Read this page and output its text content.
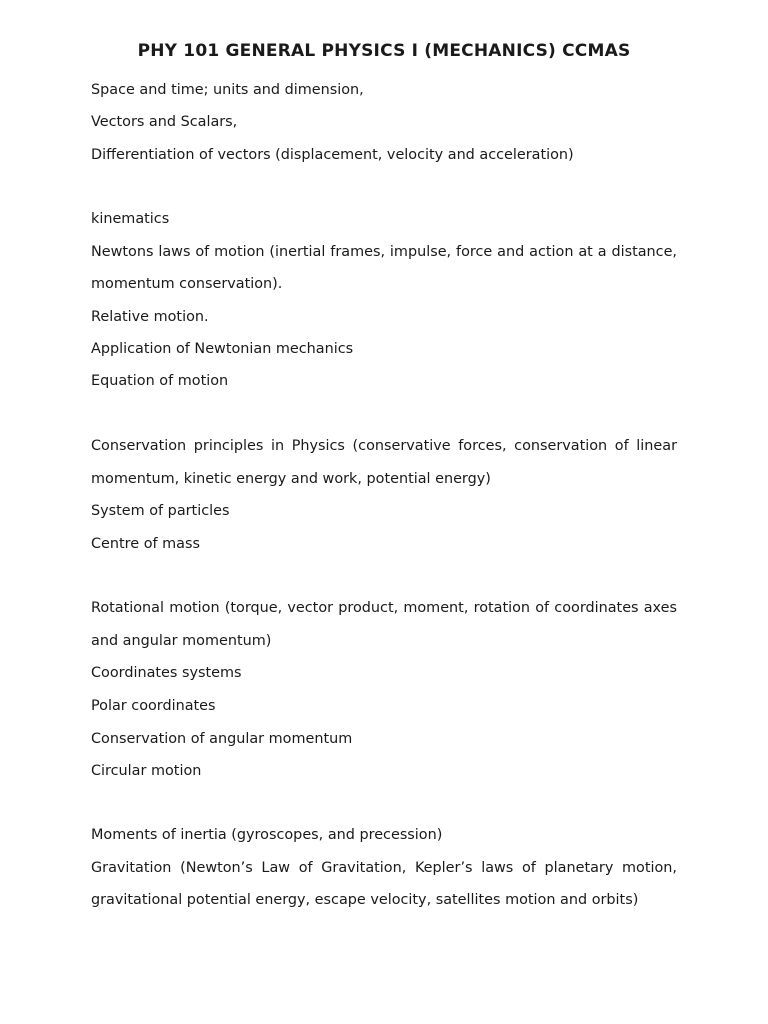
PHY 101 GENERAL PHYSICS I (MECHANICS) CCMAS
Space and time; units and dimension,
Vectors and Scalars,
Differentiation of vectors (displacement, velocity and acceleration)
kinematics
Newtons laws of motion (inertial frames, impulse, force and action at a distance,
momentum conservation).
Relative motion.
Application of Newtonian mechanics
Equation of motion
Conservation principles in Physics (conservative forces, conservation of linear
momentum, kinetic energy and work, potential energy)
System of particles
Centre of mass
Rotational motion (torque, vector product, moment, rotation of coordinates axes
and angular momentum)
Coordinates systems
Polar coordinates
Conservation of angular momentum
Circular motion
Moments of inertia (gyroscopes, and precession)
Gravitation (Newton’s Law of Gravitation, Kepler’s laws of planetary motion,
gravitational potential energy, escape velocity, satellites motion and orbits)
